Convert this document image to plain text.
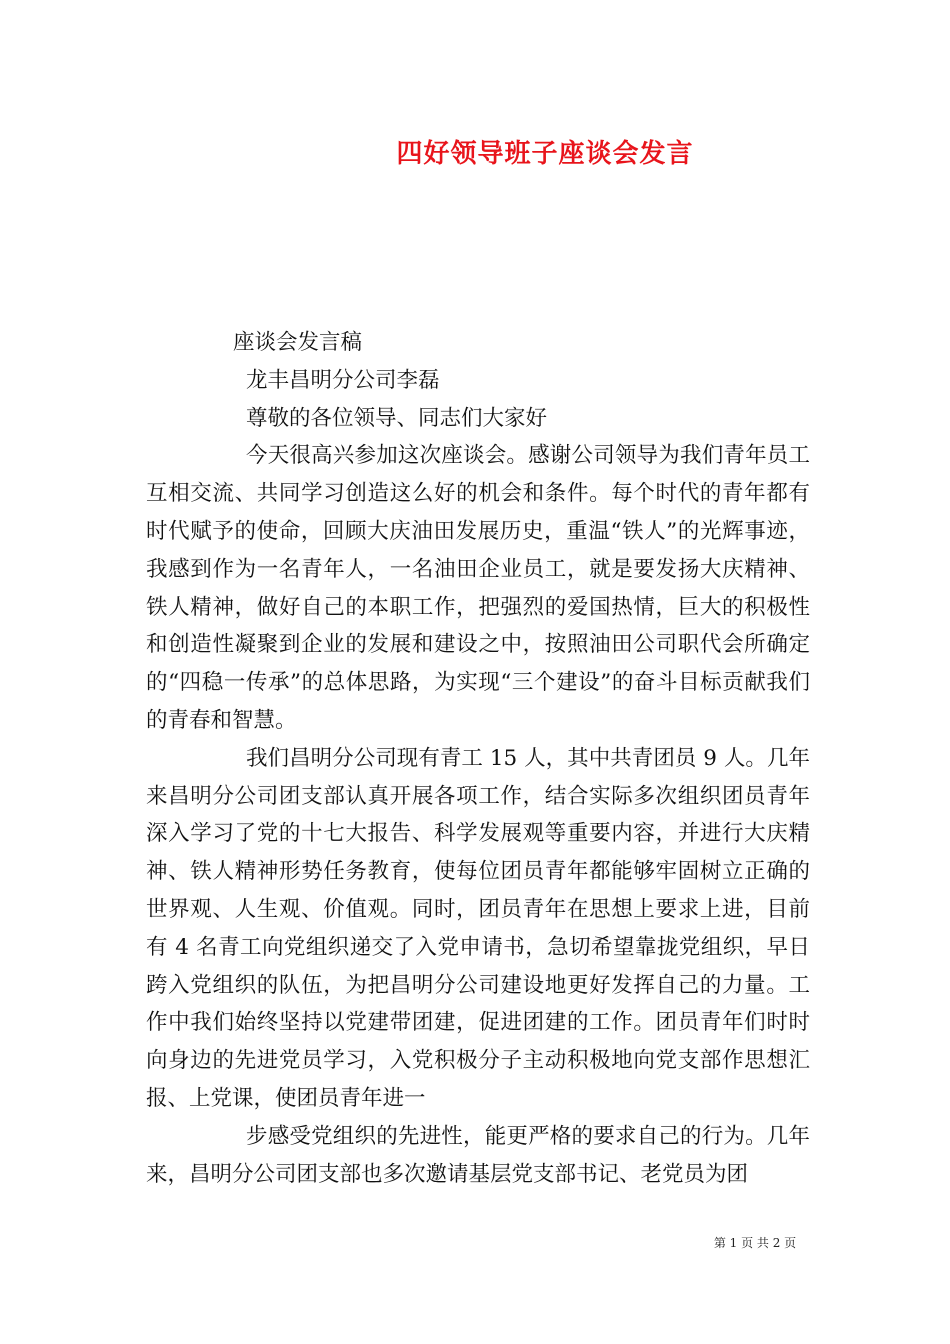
四好领导班子座谈会发言
座谈会发言稿
龙丰昌明分公司李磊
尊敬的各位领导、同志们大家好

今天很高兴参加这次座谈会。感谢公司领导为我们青年员工互相交流、共同学习创造这么好的机会和条件。每个时代的青年都有时代赋予的使命，回顾大庆油田发展历史，重温“铁人”的光辉事迹，我感到作为一名青年人，一名油田企业员工，就是要发扬大庆精神、铁人精神，做好自己的本职工作，把强烈的爱国热情，巨大的积极性和创造性凝聚到企业的发展和建设之中，按照油田公司职代会所确定的“四稳一传承”的总体思路，为实现“三个建设”的奋斗目标贡献我们的青春和智慧。

我们昌明分公司现有青工 15 人，其中共青团员 9 人。几年来昌明分公司团支部认真开展各项工作，结合实际多次组织团员青年深入学习了党的十七大报告、科学发展观等重要内容，并进行大庆精神、铁人精神形势任务教育，使每位团员青年都能够牢固树立正确的世界观、人生观、价值观。同时，团员青年在思想上要求上进，目前有 4 名青工向党组织递交了入党申请书，急切希望靠拢党组织，早日跨入党组织的队伍，为把昌明分公司建设地更好发挥自己的力量。工作中我们始终坚持以党建带团建，促进团建的工作。团员青年们时时向身边的先进党员学习，入党积极分子主动积极地向党支部作思想汇报、上党课，使团员青年进一

步感受党组织的先进性，能更严格的要求自己的行为。几年来，昌明分公司团支部也多次邀请基层党支部书记、老党员为团

第 1 页 共 2 页
